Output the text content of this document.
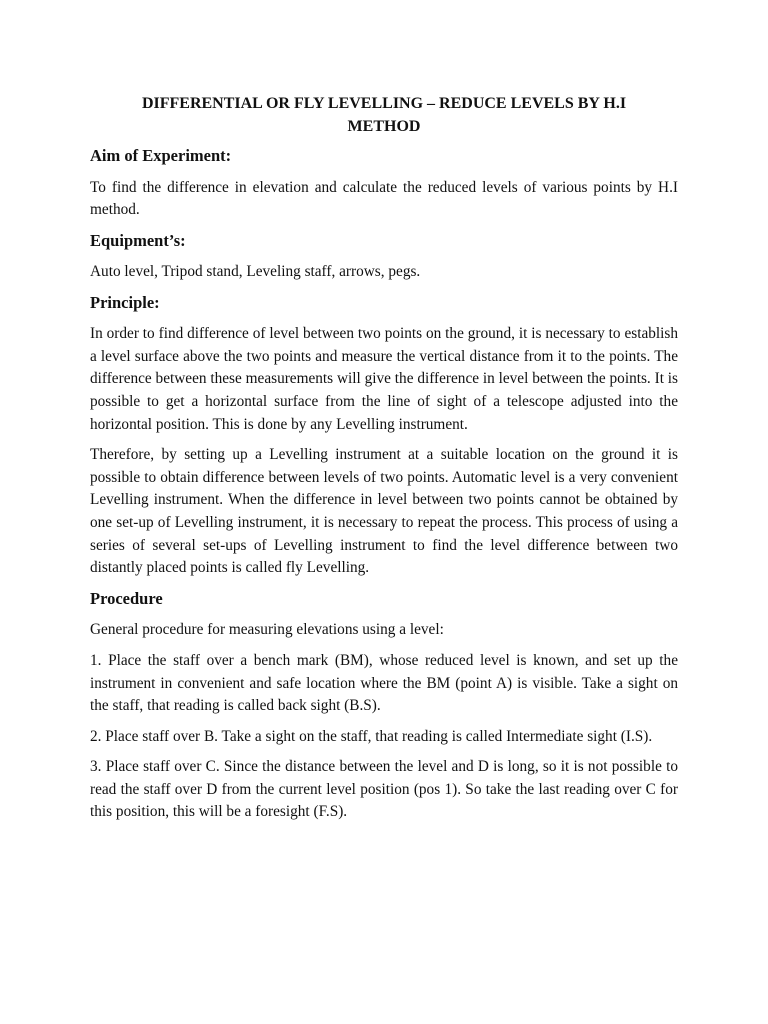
DIFFERENTIAL OR FLY LEVELLING – REDUCE LEVELS BY H.I
METHOD
Aim of Experiment:
To find the difference in elevation and calculate the reduced levels of various points by H.I method.
Equipment’s:
Auto level, Tripod stand, Leveling staff, arrows, pegs.
Principle:
In order to find difference of level between two points on the ground, it is necessary to establish a level surface above the two points and measure the vertical distance from it to the points. The difference between these measurements will give the difference in level between the points. It is possible to get a horizontal surface from the line of sight of a telescope adjusted into the horizontal position. This is done by any Levelling instrument.
Therefore, by setting up a Levelling instrument at a suitable location on the ground it is possible to obtain difference between levels of two points. Automatic level is a very convenient Levelling instrument. When the difference in level between two points cannot be obtained by one set-up of Levelling instrument, it is necessary to repeat the process. This process of using a series of several set-ups of Levelling instrument to find the level difference between two distantly placed points is called fly Levelling.
Procedure
General procedure for measuring elevations using a level:
1. Place the staff over a bench mark (BM), whose reduced level is known, and set up the instrument in convenient and safe location where the BM (point A) is visible. Take a sight on the staff, that reading is called back sight (B.S).
2. Place staff over B. Take a sight on the staff, that reading is called Intermediate sight (I.S).
3. Place staff over C. Since the distance between the level and D is long, so it is not possible to read the staff over D from the current level position (pos 1). So take the last reading over C for this position, this will be a foresight (F.S).
